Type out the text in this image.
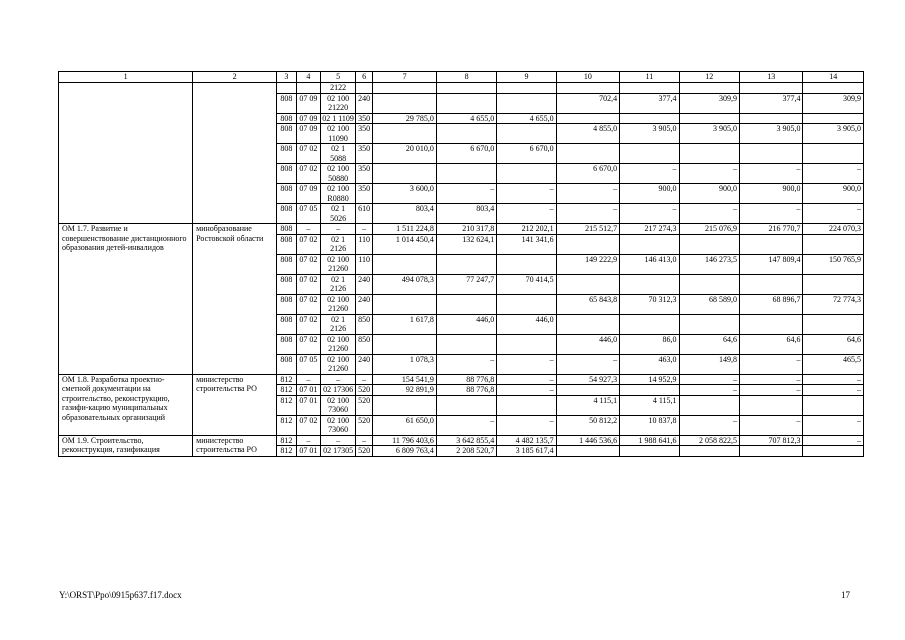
1	2	3	4	5	6	7	8	9	10	11	12	13	14
				2122									
		808	07 09	02 100 21220	240				702,4	377,4	309,9	377,4	309,9
		808	07 09	02 1 1109	350	29 785,0	4 655,0	4 655,0					
		808	07 09	02 100 11090	350				4 855,0	3 905,0	3 905,0	3 905,0	3 905,0
		808	07 02	02 1 5088	350	20 010,0	6 670,0	6 670,0					
		808	07 02	02 100 50880	350				6 670,0	–	–	–	–
		808	07 09	02 100 R0880	350	3 600,0	–	–	–	900,0	900,0	900,0	900,0
		808	07 05	02 1 5026	610	803,4	803,4	–	–	–	–	–	–
ОМ 1.7. Развитие и совершенствование дистанционного образования детей-инвалидов	минобразование Ростовской области	808	–	–	–	1 511 224,8	210 317,8	212 202,1	215 512,7	217 274,3	215 076,9	216 770,7	224 070,3
		808	07 02	02 1 2126	110	1 014 450,4	132 624,1	141 341,6					
		808	07 02	02 100 21260	110				149 222,9	146 413,0	146 273,5	147 809,4	150 765,9
		808	07 02	02 1 2126	240	494 078,3	77 247,7	70 414,5					
		808	07 02	02 100 21260	240				65 843,8	70 312,3	68 589,0	68 896,7	72 774,3
		808	07 02	02 1 2126	850	1 617,8	446,0	446,0					
		808	07 02	02 100 21260	850				446,0	86,0	64,6	64,6	64,6
		808	07 05	02 100 21260	240	1 078,3	–	–	–	463,0	149,8	–	465,5
ОМ 1.8. Разработка проектно-сметной документации на строительство, реконструкцию, газифи-кацию муниципальных образовательных организаций	министерство строительства РО	812	–	–	–	154 541,9	88 776,8	–	54 927,3	14 952,9	–	–	–
		812	07 01	02 17306	520	92 891,9	88 776,8	–			–	–	–
		812	07 01	02 100 73060	520				4 115,1	4 115,1			
		812	07 02	02 100 73060	520	61 650,0	–	–	50 812,2	10 837,8	–	–	–
ОМ 1.9. Строительство, реконструкция, газификация	министерство строительства РО	812	–	–	–	11 796 403,6	3 642 855,4	4 482 135,7	1 446 536,6	1 988 641,6	2 058 822,5	707 812,3	–
		812	07 01	02 17305	520	6 809 763,4	2 208 520,7	3 185 617,4					
Y:\ORST\Ppo\0915p637.f17.docx	17
